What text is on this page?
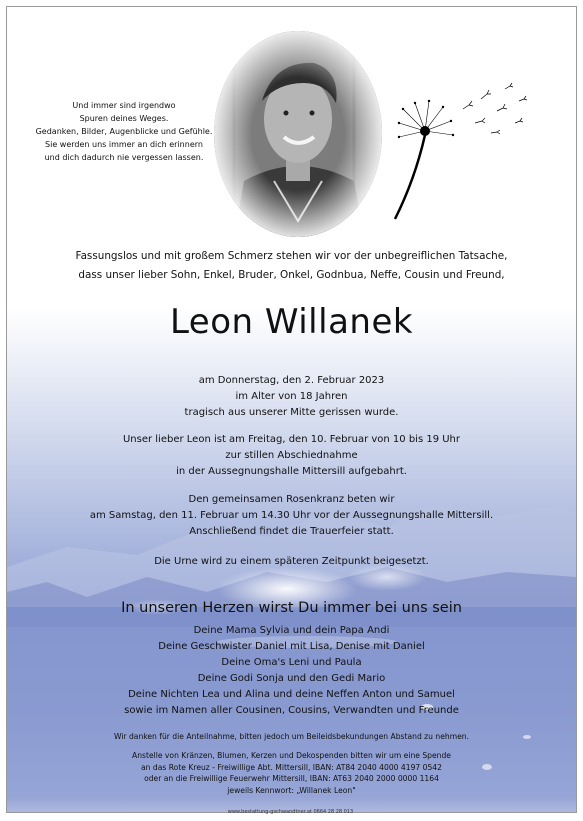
Und immer sind irgendwo
Spuren deines Weges.
Gedanken, Bilder, Augenblicke und Gefühle.
Sie werden uns immer an dich erinnern
und dich dadurch nie vergessen lassen.
Fassungslos und mit großem Schmerz stehen wir vor der unbegreiflichen Tatsache,
dass unser lieber Sohn, Enkel, Bruder, Onkel, Godnbua, Neffe, Cousin und Freund,
Leon Willanek
am Donnerstag, den 2. Februar 2023
im Alter von 18 Jahren
tragisch aus unserer Mitte gerissen wurde.
Unser lieber Leon ist am Freitag, den 10. Februar von 10 bis 19 Uhr
zur stillen Abschiednahme
in der Aussegnungshalle Mittersill aufgebahrt.
Den gemeinsamen Rosenkranz beten wir
am Samstag, den 11. Februar um 14.30 Uhr vor der Aussegnungshalle Mittersill.
Anschließend findet die Trauerfeier statt.
Die Urne wird zu einem späteren Zeitpunkt beigesetzt.
In unseren Herzen wirst Du immer bei uns sein
Deine Mama Sylvia und dein Papa Andi
Deine Geschwister Daniel mit Lisa, Denise mit Daniel
Deine Oma's Leni und Paula
Deine Godi Sonja und den Gedi Mario
Deine Nichten Lea und Alina und deine Neffen Anton und Samuel
sowie im Namen aller Cousinen, Cousins, Verwandten und Freunde
Wir danken für die Anteilnahme, bitten jedoch um Beileidsbekundungen Abstand zu nehmen.
Anstelle von Kränzen, Blumen, Kerzen und Dekospenden bitten wir um eine Spende
an das Rote Kreuz - Freiwillige Abt. Mittersill, IBAN: AT84 2040 4000 4197 0542
oder an die Freiwillige Feuerwehr Mittersill, IBAN: AT63 2040 2000 0000 1164
jeweils Kennwort: „Willanek Leon"
www.bestattung-gschwandtner.at 0664 28 28 013
